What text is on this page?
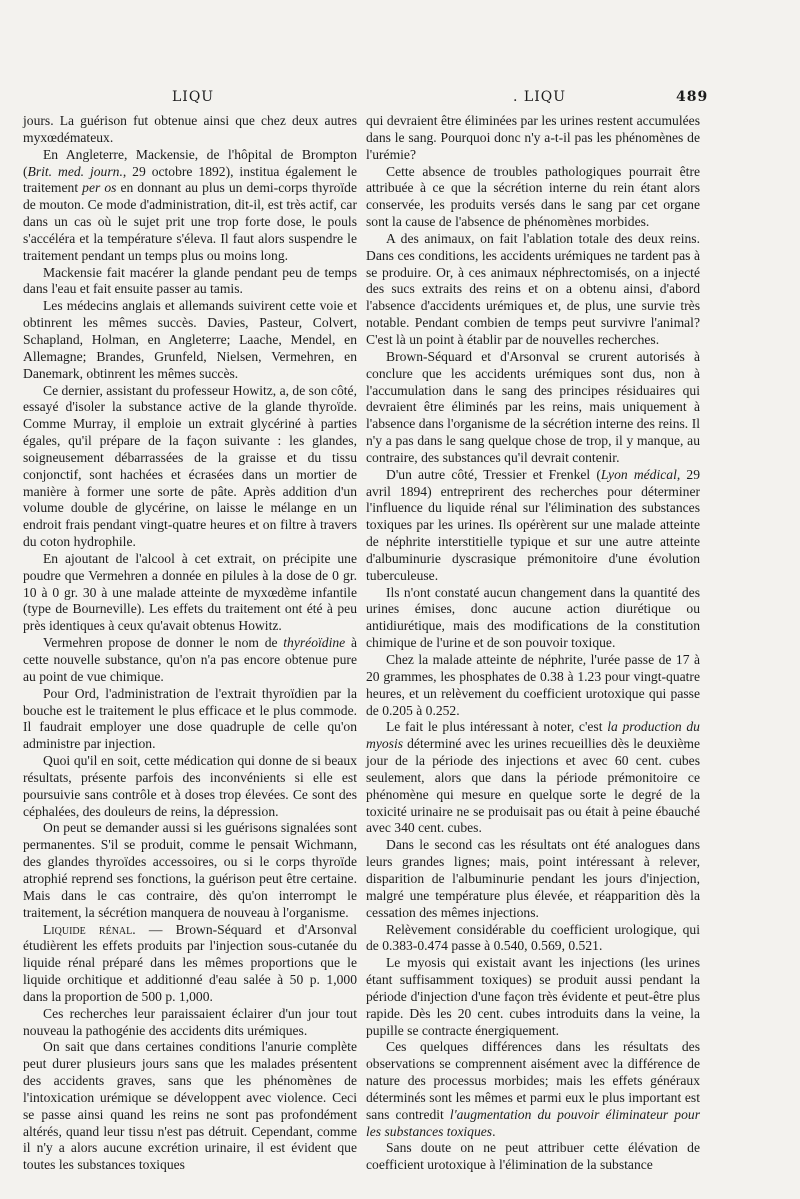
LIQU	. LIQU	489

jours. La guérison fut obtenue ainsi que chez deux autres myxœdémateux.

En Angleterre, Mackensie, de l'hôpital de Brompton (Brit. med. journ., 29 octobre 1892), institua également le traitement per os en donnant au plus un demi-corps thyroïde de mouton. Ce mode d'administration, dit-il, est très actif, car dans un cas où le sujet prit une trop forte dose, le pouls s'accéléra et la température s'éleva. Il faut alors suspendre le traitement pendant un temps plus ou moins long.

Mackensie fait macérer la glande pendant peu de temps dans l'eau et fait ensuite passer au tamis.

Les médecins anglais et allemands suivirent cette voie et obtinrent les mêmes succès. Davies, Pasteur, Colvert, Schapland, Holman, en Angleterre; Laache, Mendel, en Allemagne; Brandes, Grunfeld, Nielsen, Vermehren, en Danemark, obtinrent les mêmes succès.

Ce dernier, assistant du professeur Howitz, a, de son côté, essayé d'isoler la substance active de la glande thyroïde. Comme Murray, il emploie un extrait glycériné à parties égales, qu'il prépare de la façon suivante : les glandes, soigneusement débarrassées de la graisse et du tissu conjonctif, sont hachées et écrasées dans un mortier de manière à former une sorte de pâte. Après addition d'un volume double de glycérine, on laisse le mélange en un endroit frais pendant vingt-quatre heures et on filtre à travers du coton hydrophile.

En ajoutant de l'alcool à cet extrait, on précipite une poudre que Vermehren a donnée en pilules à la dose de 0 gr. 10 à 0 gr. 30 à une malade atteinte de myxœdème infantile (type de Bourneville). Les effets du traitement ont été à peu près identiques à ceux qu'avait obtenus Howitz.

Vermehren propose de donner le nom de thyréoïdine à cette nouvelle substance, qu'on n'a pas encore obtenue pure au point de vue chimique.

Pour Ord, l'administration de l'extrait thyroïdien par la bouche est le traitement le plus efficace et le plus commode. Il faudrait employer une dose quadruple de celle qu'on administre par injection.

Quoi qu'il en soit, cette médication qui donne de si beaux résultats, présente parfois des inconvénients si elle est poursuivie sans contrôle et à doses trop élevées. Ce sont des céphalées, des douleurs de reins, la dépression.

On peut se demander aussi si les guérisons signalées sont permanentes. S'il se produit, comme le pensait Wichmann, des glandes thyroïdes accessoires, ou si le corps thyroïde atrophié reprend ses fonctions, la guérison peut être certaine. Mais dans le cas contraire, dès qu'on interrompt le traitement, la sécrétion manquera de nouveau à l'organisme.

Liquide rénal. — Brown-Séquard et d'Arsonval étudièrent les effets produits par l'injection sous-cutanée du liquide rénal préparé dans les mêmes proportions que le liquide orchitique et additionné d'eau salée à 50 p. 1,000 dans la proportion de 500 p. 1,000.

Ces recherches leur paraissaient éclairer d'un jour tout nouveau la pathogénie des accidents dits urémiques.

On sait que dans certaines conditions l'anurie complète peut durer plusieurs jours sans que les malades présentent des accidents graves, sans que les phénomènes de l'intoxication urémique se développent avec violence. Ceci se passe ainsi quand les reins ne sont pas profondément altérés, quand leur tissu n'est pas détruit. Cependant, comme il n'y a alors aucune excrétion urinaire, il est évident que toutes les substances toxiques

qui devraient être éliminées par les urines restent accumulées dans le sang. Pourquoi donc n'y a-t-il pas les phénomènes de l'urémie?

Cette absence de troubles pathologiques pourrait être attribuée à ce que la sécrétion interne du rein étant alors conservée, les produits versés dans le sang par cet organe sont la cause de l'absence de phénomènes morbides.

A des animaux, on fait l'ablation totale des deux reins. Dans ces conditions, les accidents urémiques ne tardent pas à se produire. Or, à ces animaux néphrectomisés, on a injecté des sucs extraits des reins et on a obtenu ainsi, d'abord l'absence d'accidents urémiques et, de plus, une survie très notable. Pendant combien de temps peut survivre l'animal? C'est là un point à établir par de nouvelles recherches.

Brown-Séquard et d'Arsonval se crurent autorisés à conclure que les accidents urémiques sont dus, non à l'accumulation dans le sang des principes résiduaires qui devraient être éliminés par les reins, mais uniquement à l'absence dans l'organisme de la sécrétion interne des reins. Il n'y a pas dans le sang quelque chose de trop, il y manque, au contraire, des substances qu'il devrait contenir.

D'un autre côté, Tressier et Frenkel (Lyon médical, 29 avril 1894) entreprirent des recherches pour déterminer l'influence du liquide rénal sur l'élimination des substances toxiques par les urines. Ils opérèrent sur une malade atteinte de néphrite interstitielle typique et sur une autre atteinte d'albuminurie dyscrasique prémonitoire d'une évolution tuberculeuse.

Ils n'ont constaté aucun changement dans la quantité des urines émises, donc aucune action diurétique ou antidiurétique, mais des modifications de la constitution chimique de l'urine et de son pouvoir toxique.

Chez la malade atteinte de néphrite, l'urée passe de 17 à 20 grammes, les phosphates de 0.38 à 1.23 pour vingt-quatre heures, et un relèvement du coefficient urotoxique qui passe de 0.205 à 0.252.

Le fait le plus intéressant à noter, c'est la production du myosis déterminé avec les urines recueillies dès le deuxième jour de la période des injections et avec 60 cent. cubes seulement, alors que dans la période prémonitoire ce phénomène qui mesure en quelque sorte le degré de la toxicité urinaire ne se produisait pas ou était à peine ébauché avec 340 cent. cubes.

Dans le second cas les résultats ont été analogues dans leurs grandes lignes; mais, point intéressant à relever, disparition de l'albuminurie pendant les jours d'injection, malgré une température plus élevée, et réapparition dès la cessation des mêmes injections.

Relèvement considérable du coefficient urologique, qui de 0.383-0.474 passe à 0.540, 0.569, 0.521.

Le myosis qui existait avant les injections (les urines étant suffisamment toxiques) se produit aussi pendant la période d'injection d'une façon très évidente et peut-être plus rapide. Dès les 20 cent. cubes introduits dans la veine, la pupille se contracte énergiquement.

Ces quelques différences dans les résultats des observations se comprennent aisément avec la différence de nature des processus morbides; mais les effets généraux déterminés sont les mêmes et parmi eux le plus important est sans contredit l'augmentation du pouvoir éliminateur pour les substances toxiques.

Sans doute on ne peut attribuer cette élévation de coefficient urotoxique à l'élimination de la substance
